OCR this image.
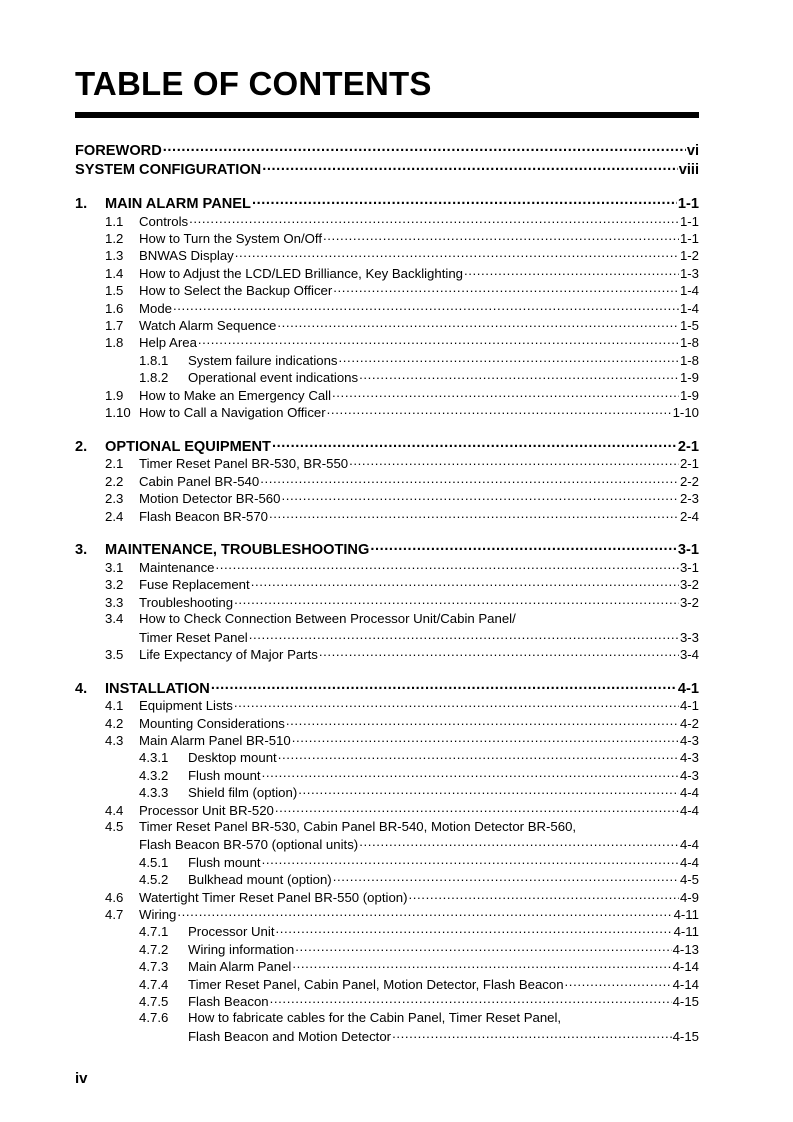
TABLE OF CONTENTS
FOREWORD .....	vi
SYSTEM CONFIGURATION .....	viii
1.	MAIN ALARM PANEL .....	1-1
1.1	Controls .....	1-1
1.2	How to Turn the System On/Off .....	1-1
1.3	BNWAS Display .....	1-2
1.4	How to Adjust the LCD/LED Brilliance, Key Backlighting .....	1-3
1.5	How to Select the Backup Officer .....	1-4
1.6	Mode .....	1-4
1.7	Watch Alarm Sequence .....	1-5
1.8	Help Area .....	1-8
1.8.1	System failure indications .....	1-8
1.8.2	Operational event indications .....	1-9
1.9	How to Make an Emergency Call .....	1-9
1.10 How to Call a Navigation Officer .....	1-10
2.	OPTIONAL EQUIPMENT .....	2-1
2.1	Timer Reset Panel BR-530, BR-550 .....	2-1
2.2	Cabin Panel BR-540 .....	2-2
2.3	Motion Detector BR-560 .....	2-3
2.4	Flash Beacon BR-570 .....	2-4
3.	MAINTENANCE, TROUBLESHOOTING .....	3-1
3.1	Maintenance .....	3-1
3.2	Fuse Replacement .....	3-2
3.3	Troubleshooting .....	3-2
3.4	How to Check Connection Between Processor Unit/Cabin Panel/
Timer Reset Panel .....	3-3
3.5	Life Expectancy of Major Parts .....	3-4
4.	INSTALLATION .....	4-1
4.1	Equipment Lists .....	4-1
4.2	Mounting Considerations .....	4-2
4.3	Main Alarm Panel BR-510 .....	4-3
4.3.1	Desktop mount .....	4-3
4.3.2	Flush mount .....	4-3
4.3.3	Shield film (option) .....	4-4
4.4	Processor Unit BR-520 .....	4-4
4.5	Timer Reset Panel BR-530, Cabin Panel BR-540, Motion Detector BR-560,
Flash Beacon BR-570 (optional units) .....	4-4
4.5.1	Flush mount .....	4-4
4.5.2	Bulkhead mount (option) .....	4-5
4.6	Watertight Timer Reset Panel BR-550 (option) .....	4-9
4.7	Wiring .....	4-11
4.7.1	Processor Unit .....	4-11
4.7.2	Wiring information .....	4-13
4.7.3	Main Alarm Panel .....	4-14
4.7.4	Timer Reset Panel, Cabin Panel, Motion Detector, Flash Beacon .....	4-14
4.7.5	Flash Beacon .....	4-15
4.7.6	How to fabricate cables for the Cabin Panel, Timer Reset Panel,
Flash Beacon and Motion Detector .....	4-15
iv
